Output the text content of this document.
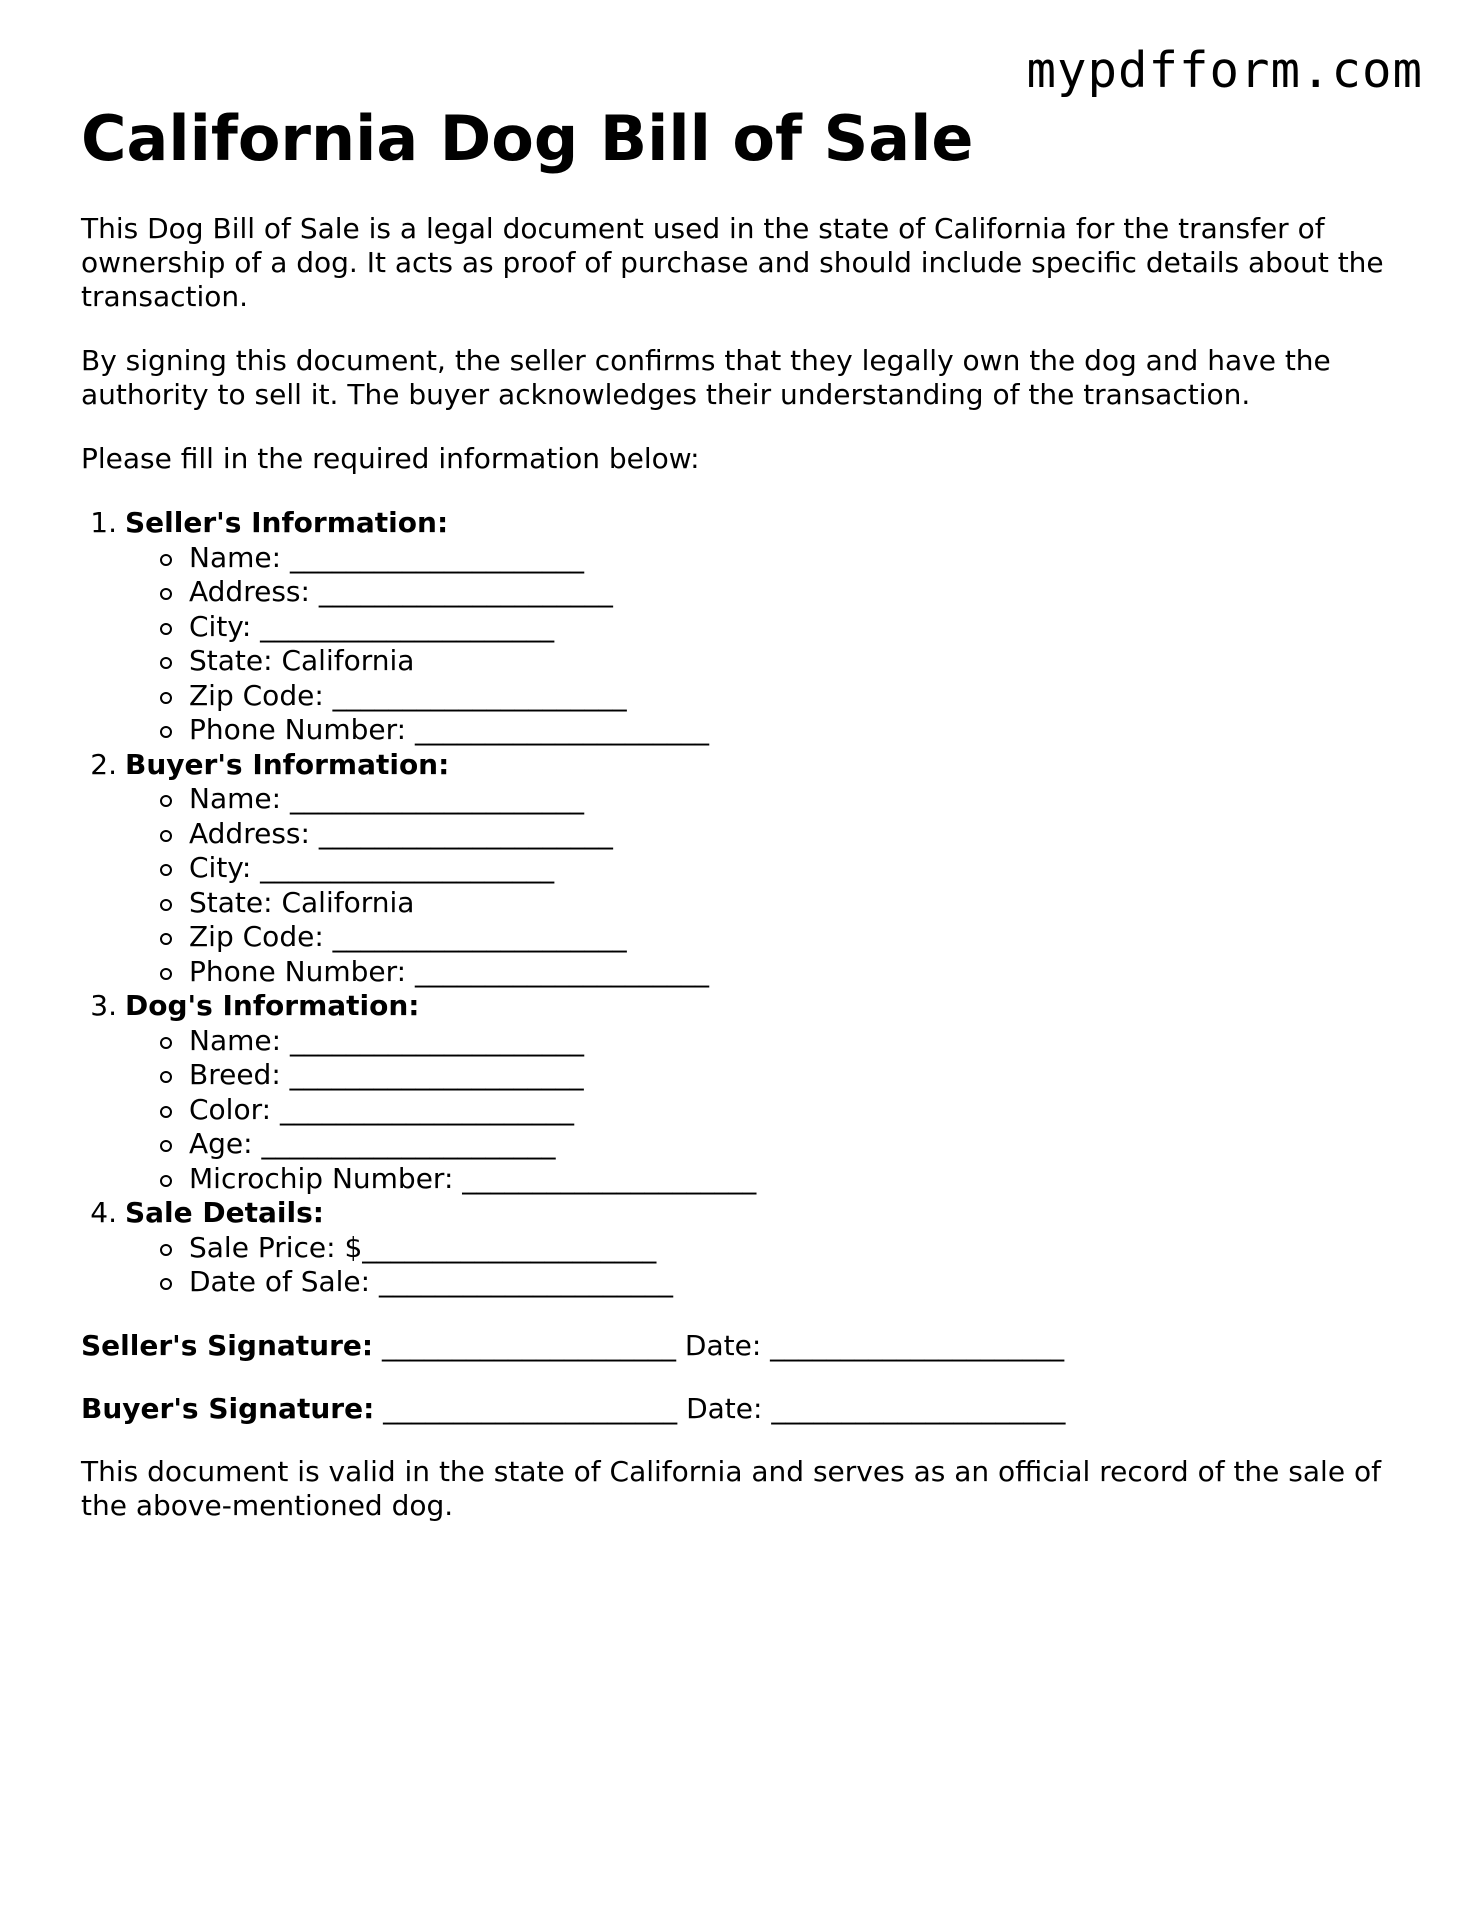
mypdfform.com
California Dog Bill of Sale

This Dog Bill of Sale is a legal document used in the state of California for the transfer of ownership of a dog. It acts as proof of purchase and should include specific details about the transaction.

By signing this document, the seller confirms that they legally own the dog and have the authority to sell it. The buyer acknowledges their understanding of the transaction.

Please fill in the required information below:

1. Seller's Information:
Name: _____________________
Address: _____________________
City: _____________________
State: California
Zip Code: _____________________
Phone Number: _____________________
2. Buyer's Information:
Name: _____________________
Address: _____________________
City: _____________________
State: California
Zip Code: _____________________
Phone Number: _____________________
3. Dog's Information:
Name: _____________________
Breed: _____________________
Color: _____________________
Age: _____________________
Microchip Number: _____________________
4. Sale Details:
Sale Price: $_____________________
Date of Sale: _____________________

Seller's Signature: _____________________ Date: _____________________

Buyer's Signature: _____________________ Date: _____________________

This document is valid in the state of California and serves as an official record of the sale of the above-mentioned dog.
